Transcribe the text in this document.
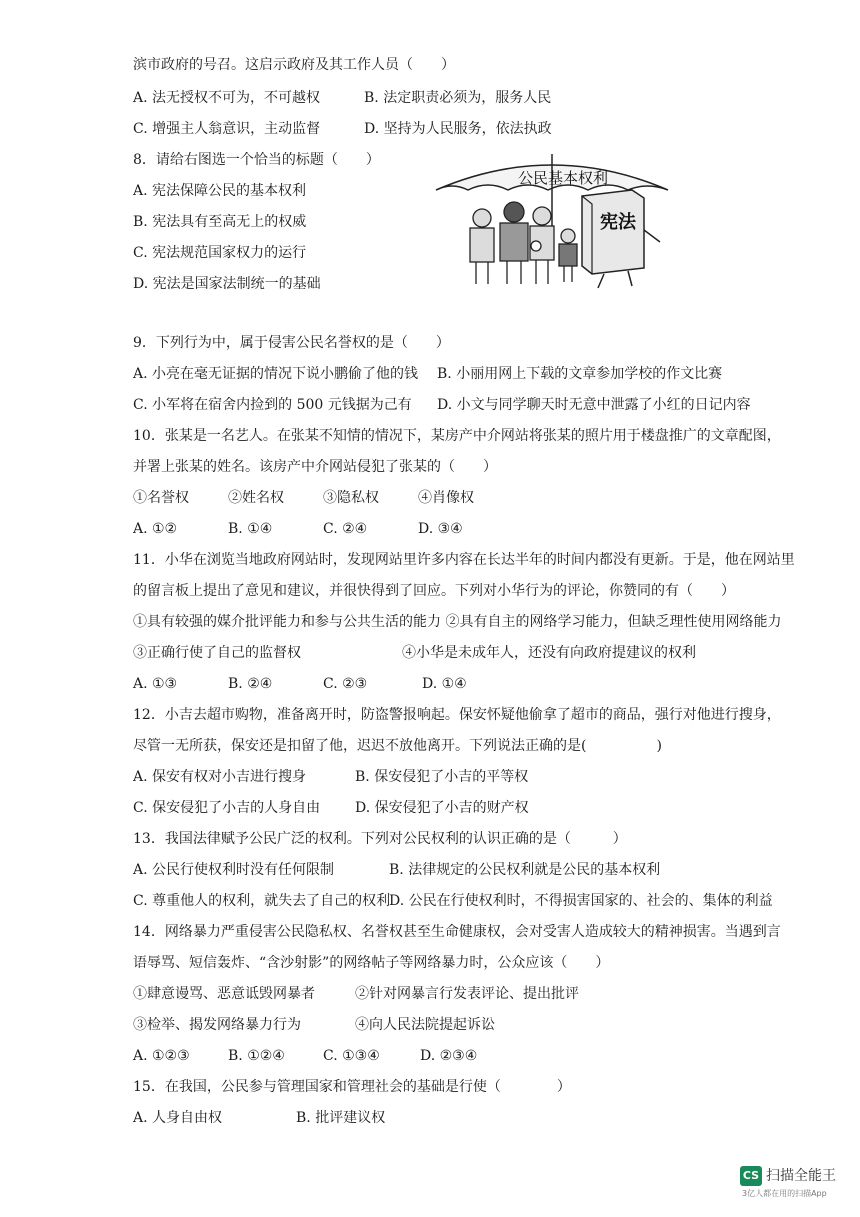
滨市政府的号召。这启示政府及其工作人员（　　）
A. 法无授权不可为，不可越权	B. 法定职责必须为，服务人民
C. 增强主人翁意识，主动监督	D. 坚持为人民服务，依法执政
8．请给右图选一个恰当的标题（　　）
A. 宪法保障公民的基本权利
B. 宪法具有至高无上的权威
C. 宪法规范国家权力的运行
D. 宪法是国家法制统一的基础
公民基本权利
宪法
9．下列行为中，属于侵害公民名誉权的是（　　）
A. 小亮在毫无证据的情况下说小鹏偷了他的钱 B. 小丽用网上下载的文章参加学校的作文比赛
C. 小军将在宿舍内捡到的 500 元钱据为己有 D. 小文与同学聊天时无意中泄露了小红的日记内容
10．张某是一名艺人。在张某不知情的情况下，某房产中介网站将张某的照片用于楼盘推广的文章配图，
并署上张某的姓名。该房产中介网站侵犯了张某的（　　）
①名誉权	②姓名权	③隐私权	④肖像权
A. ①②	B. ①④	C. ②④	D. ③④
11．小华在浏览当地政府网站时，发现网站里许多内容在长达半年的时间内都没有更新。于是，他在网站里
的留言板上提出了意见和建议，并很快得到了回应。下列对小华行为的评论，你赞同的有（　　）
①具有较强的媒介批评能力和参与公共生活的能力 ②具有自主的网络学习能力，但缺乏理性使用网络能力
③正确行使了自己的监督权	④小华是未成年人，还没有向政府提建议的权利
A. ①③	B. ②④	C. ②③	D. ①④
12．小吉去超市购物，准备离开时，防盗警报响起。保安怀疑他偷拿了超市的商品，强行对他进行搜身，
尽管一无所获，保安还是扣留了他，迟迟不放他离开。下列说法正确的是(　　　　　)
A. 保安有权对小吉进行搜身	B. 保安侵犯了小吉的平等权
C. 保安侵犯了小吉的人身自由 D. 保安侵犯了小吉的财产权
13．我国法律赋予公民广泛的权利。下列对公民权利的认识正确的是（　　　）
A. 公民行使权利时没有任何限制	B. 法律规定的公民权利就是公民的基本权利
C. 尊重他人的权利，就失去了自己的权利
D. 公民在行使权利时，不得损害国家的、社会的、集体的利益
14．网络暴力严重侵害公民隐私权、名誉权甚至生命健康权，会对受害人造成较大的精神损害。当遇到言
语辱骂、短信轰炸、“含沙射影”的网络帖子等网络暴力时，公众应该（　　）
①肆意谩骂、恶意诋毁网暴者	②针对网暴言行发表评论、提出批评
③检举、揭发网络暴力行为	④向人民法院提起诉讼
A. ①②③	B. ①②④	C. ①③④	D. ②③④
15．在我国，公民参与管理国家和管理社会的基础是行使（　　　　）
A. 人身自由权	B. 批评建议权
CS 扫描全能王
3亿人都在用的扫描App
